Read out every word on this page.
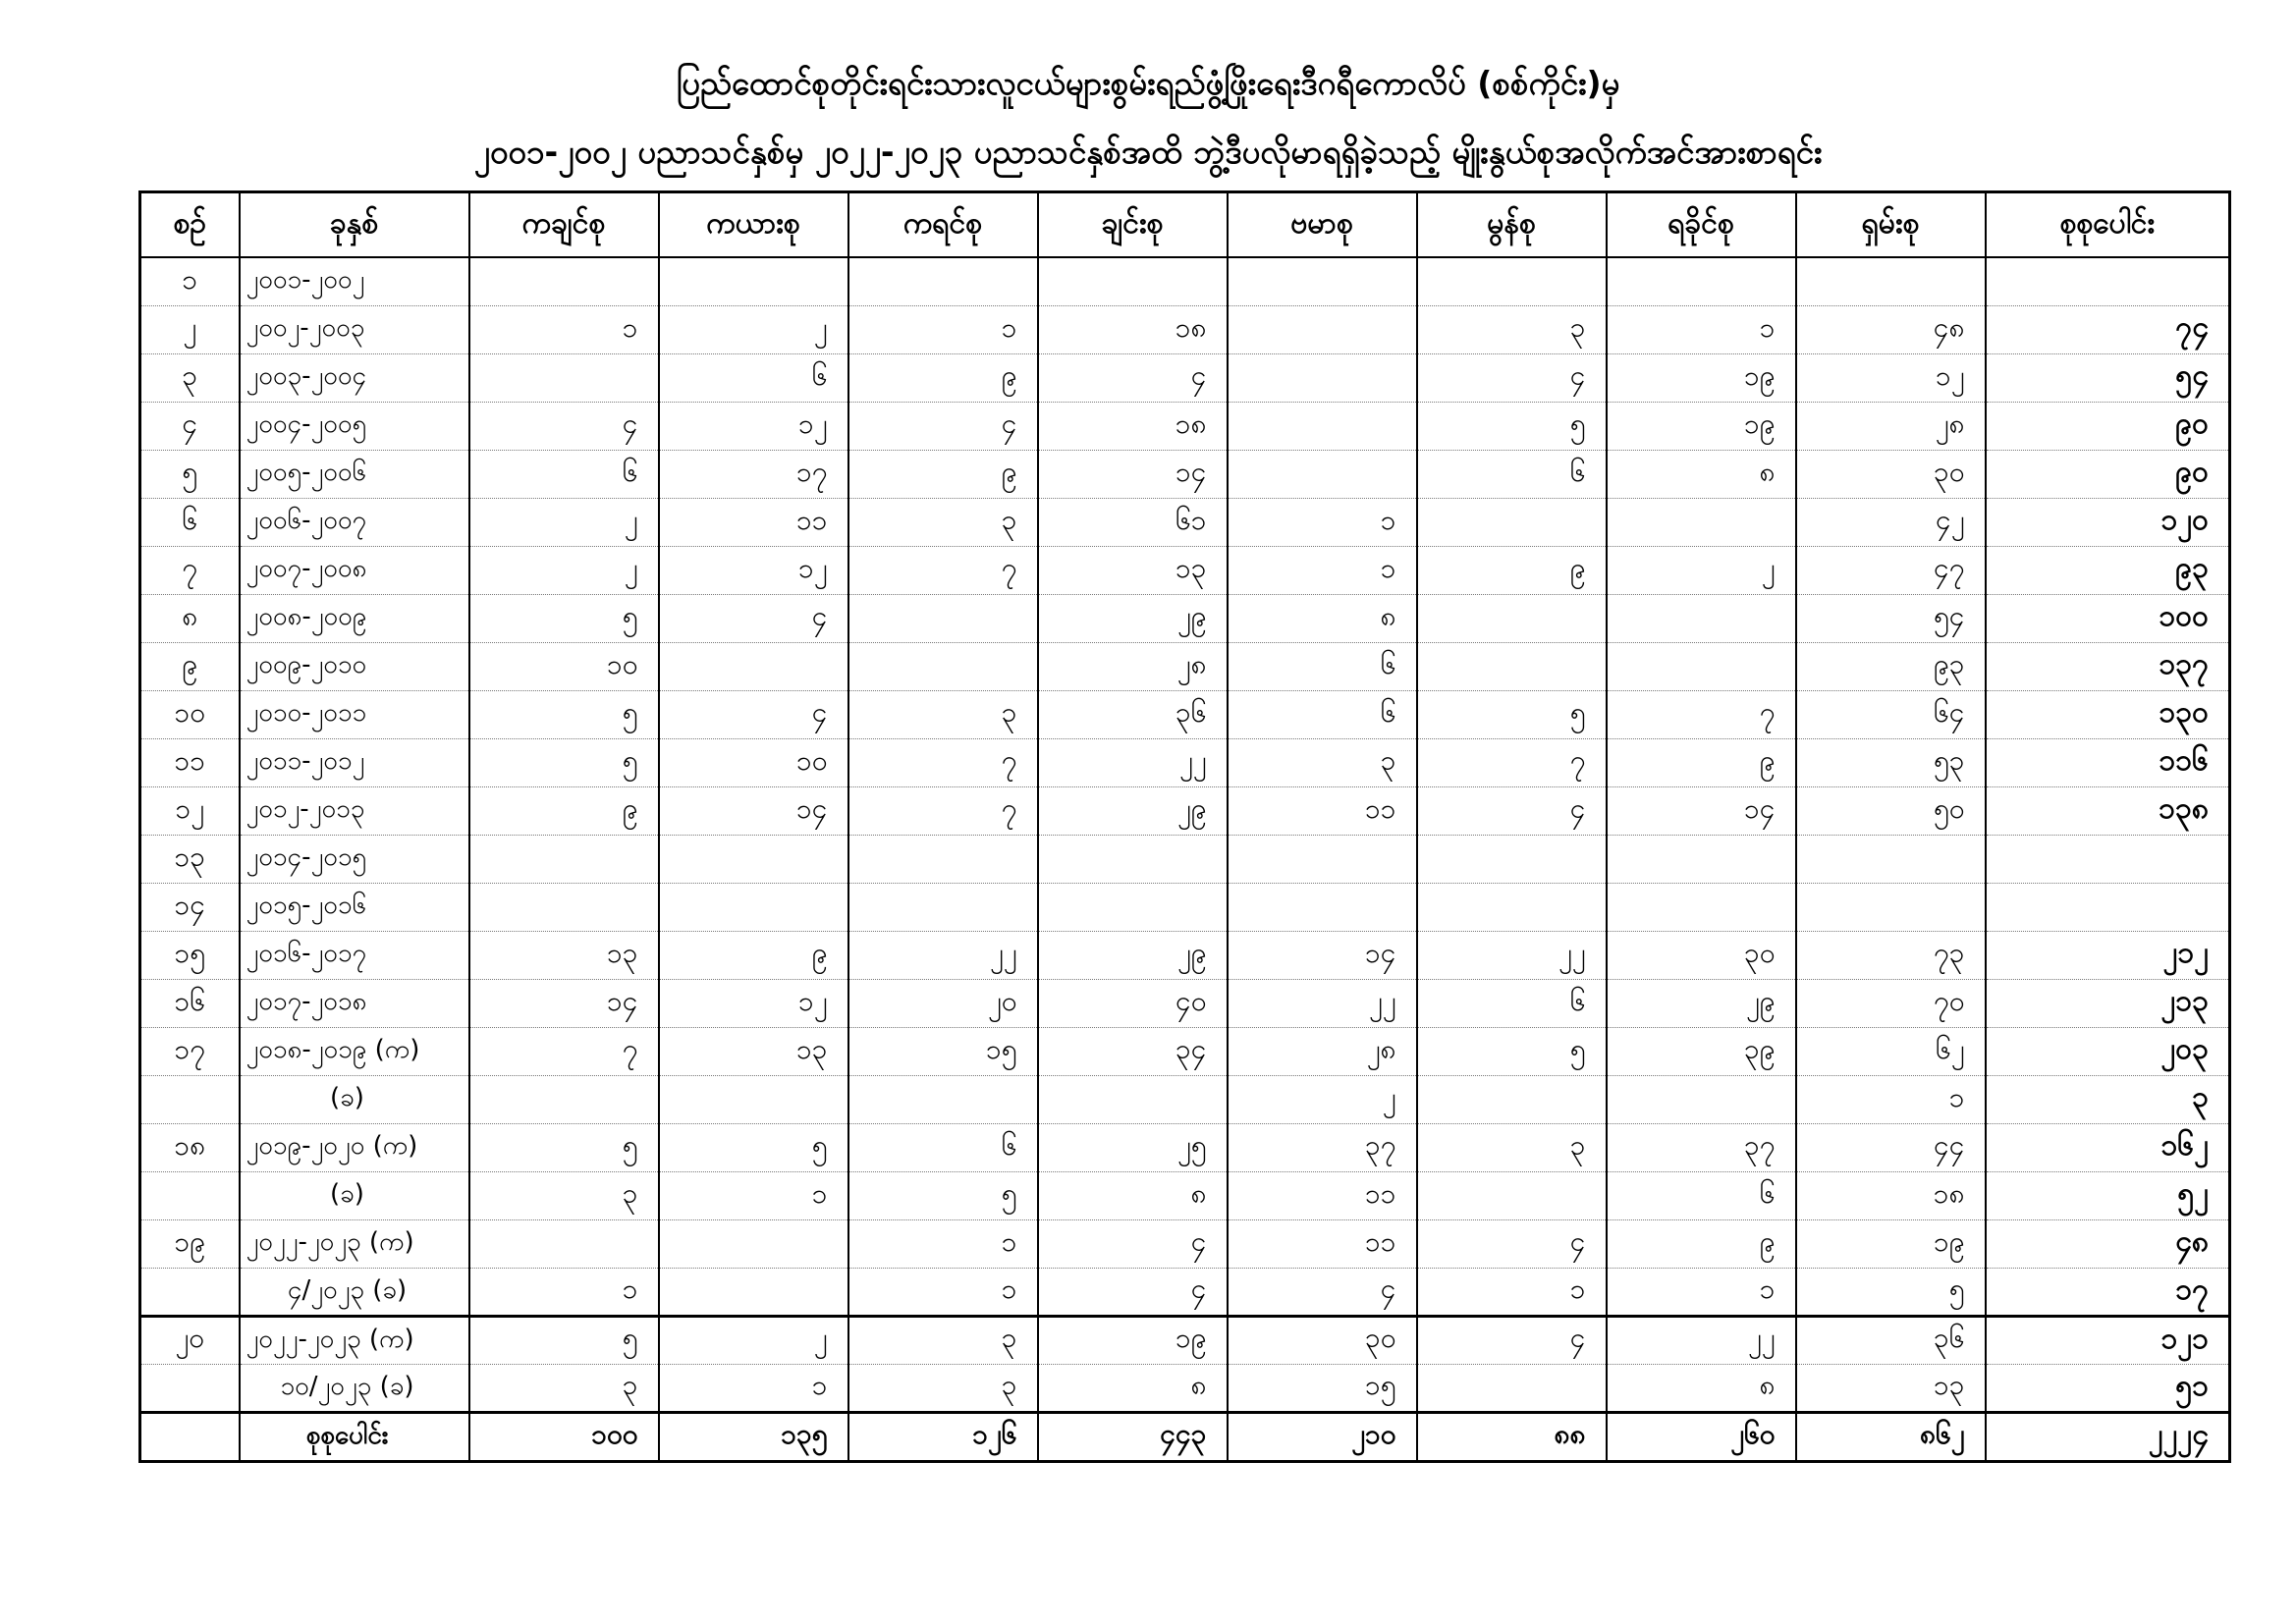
ပြည်ထောင်စုတိုင်းရင်းသားလူငယ်များစွမ်းရည်ဖွံ့ဖြိုးရေးဒီဂရီကောလိပ် (စစ်ကိုင်း)မှ
၂၀၀၁-၂၀၀၂ ပညာသင်နှစ်မှ ၂၀၂၂-၂၀၂၃ ပညာသင်နှစ်အထိ ဘွဲ့ဒီပလိုမာရရှိခဲ့သည့် မျိုးနွယ်စုအလိုက်အင်အားစာရင်း
စဉ်	ခုနှစ်	ကချင်စု	ကယားစု	ကရင်စု	ချင်းစု	ဗမာစု	မွန်စု	ရခိုင်စု	ရှမ်းစု	စုစုပေါင်း
၁	၂၀၀၁-၂၀၀၂									
၂	၂၀၀၂-၂၀၀၃	၁	၂	၁	၁၈		၃	၁	၄၈	၇၄
၃	၂၀၀၃-၂၀၀၄		၆	၉	၄		၄	၁၉	၁၂	၅၄
၄	၂၀၀၄-၂၀၀၅	၄	၁၂	၄	၁၈		၅	၁၉	၂၈	၉၀
၅	၂၀၀၅-၂၀၀၆	၆	၁၇	၉	၁၄		၆	၈	၃၀	၉၀
၆	၂၀၀၆-၂၀၀၇	၂	၁၁	၃	၆၁	၁			၄၂	၁၂၀
၇	၂၀၀၇-၂၀၀၈	၂	၁၂	၇	၁၃	၁	၉	၂	၄၇	၉၃
၈	၂၀၀၈-၂၀၀၉	၅	၄		၂၉	၈			၅၄	၁၀၀
၉	၂၀၀၉-၂၀၁၀	၁၀			၂၈	၆			၉၃	၁၃၇
၁၀	၂၀၁၀-၂၀၁၁	၅	၄	၃	၃၆	၆	၅	၇	၆၄	၁၃၀
၁၁	၂၀၁၁-၂၀၁၂	၅	၁၀	၇	၂၂	၃	၇	၉	၅၃	၁၁၆
၁၂	၂၀၁၂-၂၀၁၃	၉	၁၄	၇	၂၉	၁၁	၄	၁၄	၅၀	၁၃၈
၁၃	၂၀၁၄-၂၀၁၅									
၁၄	၂၀၁၅-၂၀၁၆									
၁၅	၂၀၁၆-၂၀၁၇	၁၃	၉	၂၂	၂၉	၁၄	၂၂	၃၀	၇၃	၂၁၂
၁၆	၂၀၁၇-၂၀၁၈	၁၄	၁၂	၂၀	၄၀	၂၂	၆	၂၉	၇၀	၂၁၃
၁၇	၂၀၁၈-၂၀၁၉ (က)	၇	၁၃	၁၅	၃၄	၂၈	၅	၃၉	၆၂	၂၀၃
	(ခ)					၂			၁	၃
၁၈	၂၀၁၉-၂၀၂၀ (က)	၅	၅	၆	၂၅	၃၇	၃	၃၇	၄၄	၁၆၂
	(ခ)	၃	၁	၅	၈	၁၁		၆	၁၈	၅၂
၁၉	၂၀၂၂-၂၀၂၃ (က)			၁	၄	၁၁	၄	၉	၁၉	၄၈
	၄/၂၀၂၃ (ခ)	၁		၁	၄	၄	၁	၁	၅	၁၇
၂၀	၂၀၂၂-၂၀၂၃ (က)	၅	၂	၃	၁၉	၃၀	၄	၂၂	၃၆	၁၂၁
	၁၀/၂၀၂၃ (ခ)	၃	၁	၃	၈	၁၅		၈	၁၃	၅၁
	စုစုပေါင်း	၁၀၀	၁၃၅	၁၂၆	၄၄၃	၂၁၀	၈၈	၂၆၀	၈၆၂	၂၂၂၄
